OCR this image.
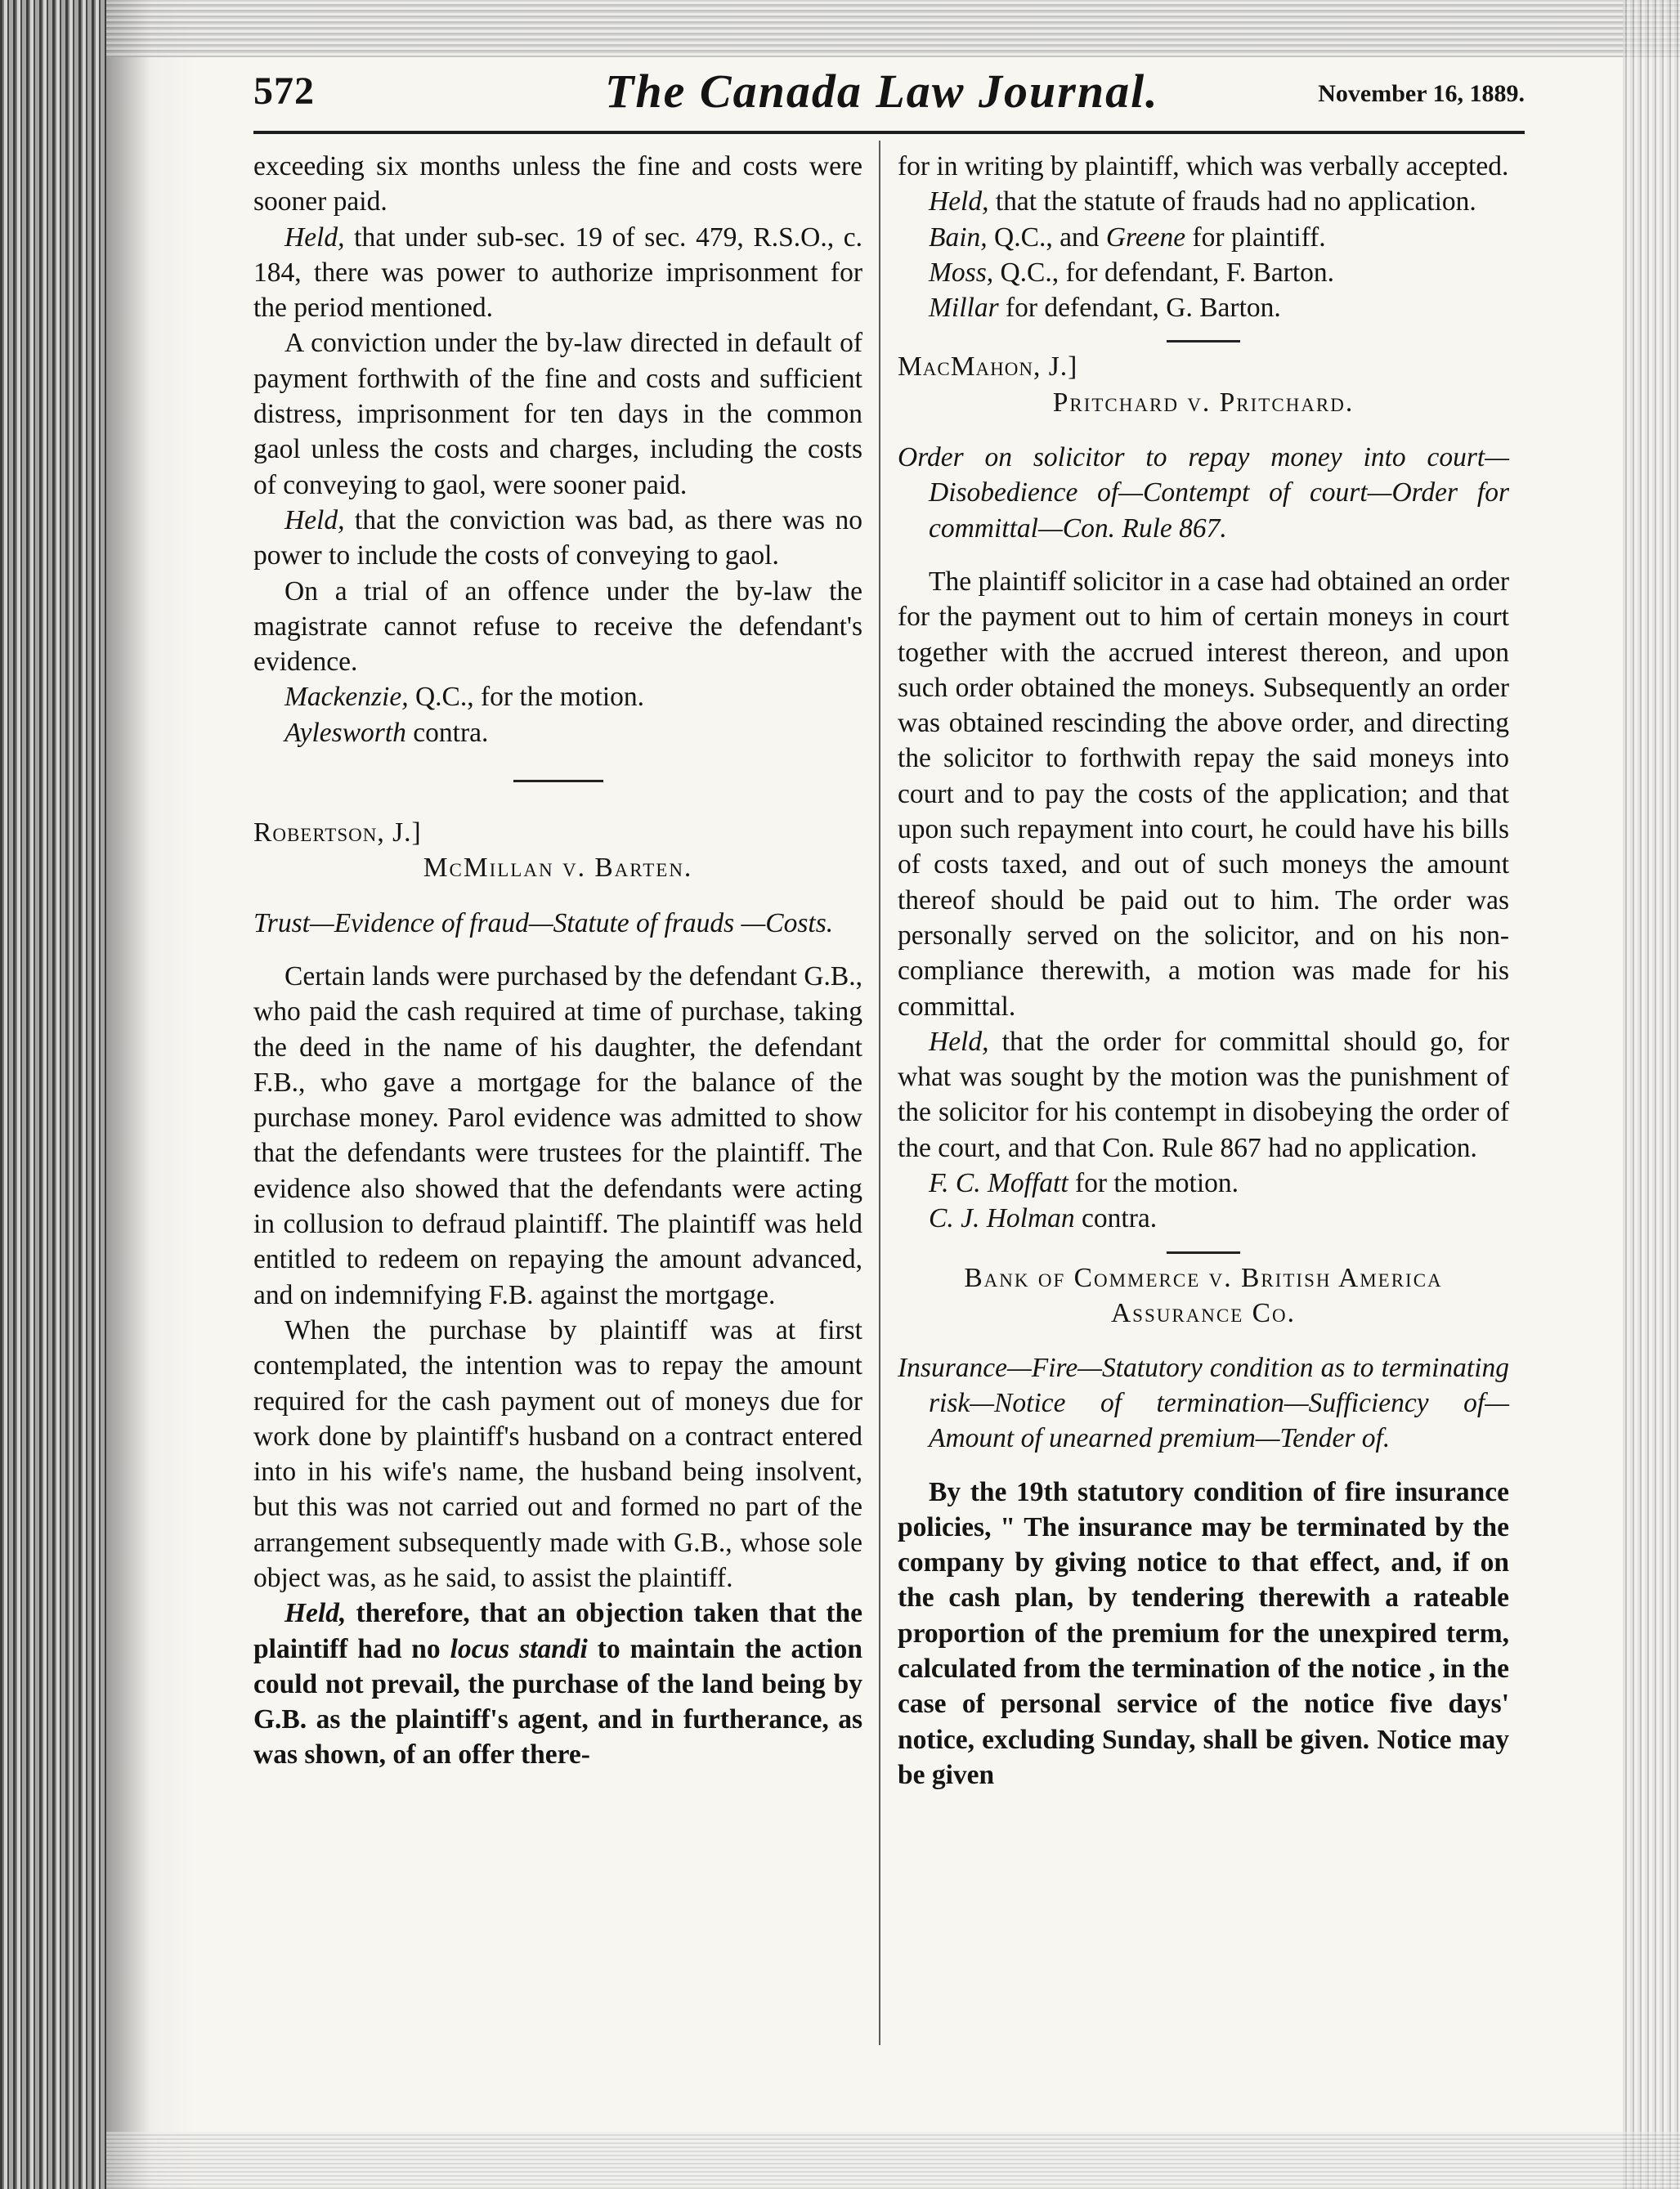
572	The Canada Law Journal.	November 16, 1889.

exceeding six months unless the fine and costs were sooner paid.

Held, that under sub-sec. 19 of sec. 479, R.S.O., c. 184, there was power to authorize imprisonment for the period mentioned.

A conviction under the by-law directed in default of payment forthwith of the fine and costs and sufficient distress, imprisonment for ten days in the common gaol unless the costs and charges, including the costs of conveying to gaol, were sooner paid.

Held, that the conviction was bad, as there was no power to include the costs of conveying to gaol.

On a trial of an offence under the by-law the magistrate cannot refuse to receive the defendant's evidence.

Mackenzie, Q.C., for the motion.

Aylesworth contra.

Robertson, J.]

McMillan v. Barten.

Trust—Evidence of fraud—Statute of frauds —Costs.

Certain lands were purchased by the defendant G.B., who paid the cash required at time of purchase, taking the deed in the name of his daughter, the defendant F.B., who gave a mortgage for the balance of the purchase money. Parol evidence was admitted to show that the defendants were trustees for the plaintiff. The evidence also showed that the defendants were acting in collusion to defraud plaintiff. The plaintiff was held entitled to redeem on repaying the amount advanced, and on indemnifying F.B. against the mortgage.

When the purchase by plaintiff was at first contemplated, the intention was to repay the amount required for the cash payment out of moneys due for work done by plaintiff's husband on a contract entered into in his wife's name, the husband being insolvent, but this was not carried out and formed no part of the arrangement subsequently made with G.B., whose sole object was, as he said, to assist the plaintiff.

Held, therefore, that an objection taken that the plaintiff had no locus standi to maintain the action could not prevail, the purchase of the land being by G.B. as the plaintiff's agent, and in furtherance, as was shown, of an offer there-

for in writing by plaintiff, which was verbally accepted.

Held, that the statute of frauds had no application.

Bain, Q.C., and Greene for plaintiff.

Moss, Q.C., for defendant, F. Barton.

Millar for defendant, G. Barton.

MacMahon, J.]

Pritchard v. Pritchard.

Order on solicitor to repay money into court—Disobedience of—Contempt of court—Order for committal—Con. Rule 867.

The plaintiff solicitor in a case had obtained an order for the payment out to him of certain moneys in court together with the accrued interest thereon, and upon such order obtained the moneys. Subsequently an order was obtained rescinding the above order, and directing the solicitor to forthwith repay the said moneys into court and to pay the costs of the application; and that upon such repayment into court, he could have his bills of costs taxed, and out of such moneys the amount thereof should be paid out to him. The order was personally served on the solicitor, and on his non-compliance therewith, a motion was made for his committal.

Held, that the order for committal should go, for what was sought by the motion was the punishment of the solicitor for his contempt in disobeying the order of the court, and that Con. Rule 867 had no application.

F. C. Moffatt for the motion.

C. J. Holman contra.

Bank of Commerce v. British America Assurance Co.

Insurance—Fire—Statutory condition as to terminating risk—Notice of termination—Sufficiency of—Amount of unearned premium—Tender of.

By the 19th statutory condition of fire insurance policies, " The insurance may be terminated by the company by giving notice to that effect, and, if on the cash plan, by tendering therewith a rateable proportion of the premium for the unexpired term, calculated from the termination of the notice , in the case of personal service of the notice five days' notice, excluding Sunday, shall be given. Notice may be given
